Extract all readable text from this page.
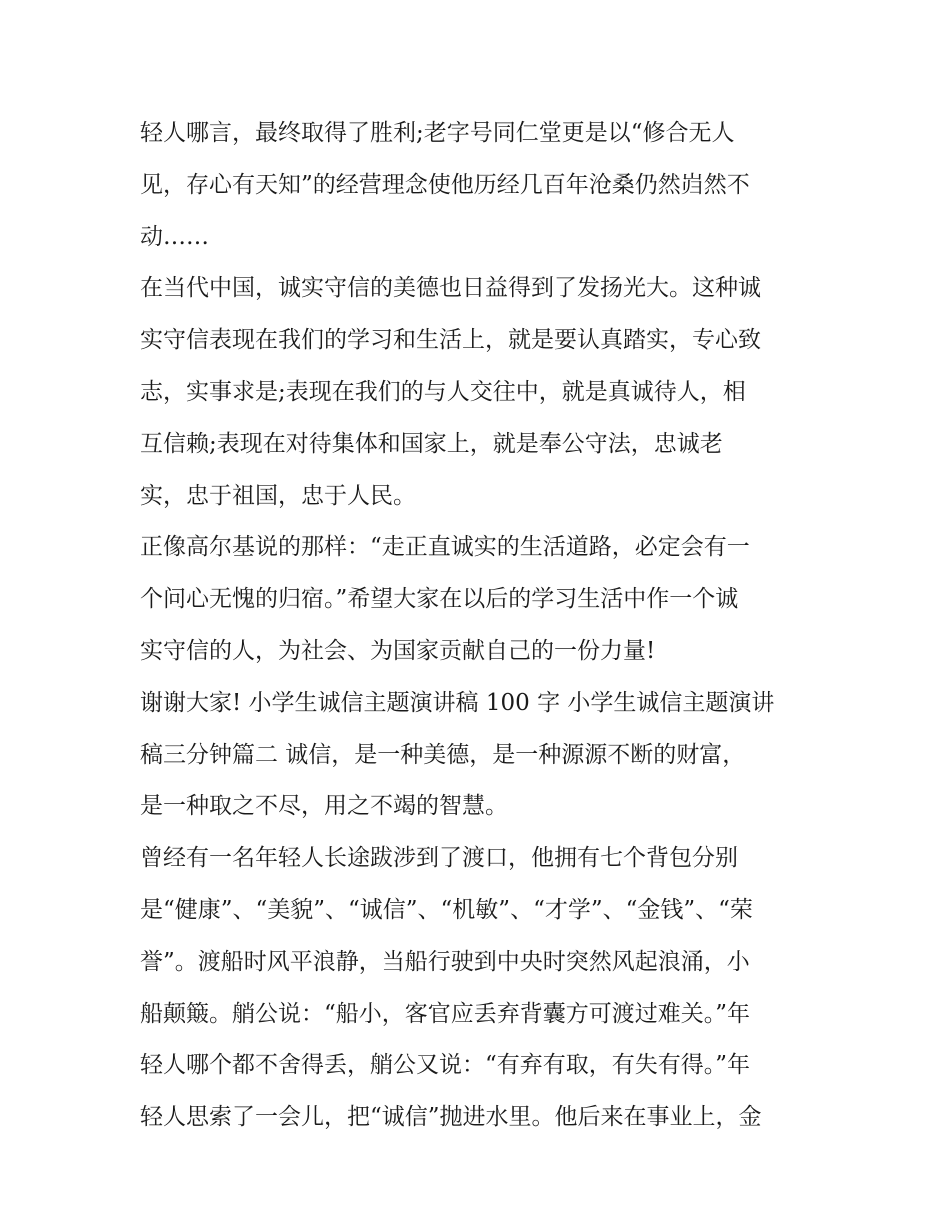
轻人哪言，最终取得了胜利;老字号同仁堂更是以“修合无人
见，存心有天知”的经营理念使他历经几百年沧桑仍然岿然不
动……
在当代中国，诚实守信的美德也日益得到了发扬光大。这种诚
实守信表现在我们的学习和生活上，就是要认真踏实，专心致
志，实事求是;表现在我们的与人交往中，就是真诚待人，相
互信赖;表现在对待集体和国家上，就是奉公守法，忠诚老
实，忠于祖国，忠于人民。
正像高尔基说的那样：“走正直诚实的生活道路，必定会有一
个问心无愧的归宿。”希望大家在以后的学习生活中作一个诚
实守信的人，为社会、为国家贡献自己的一份力量!
谢谢大家! 小学生诚信主题演讲稿 100 字 小学生诚信主题演讲
稿三分钟篇二 诚信，是一种美德，是一种源源不断的财富，
是一种取之不尽，用之不竭的智慧。
曾经有一名年轻人长途跋涉到了渡口，他拥有七个背包分别
是“健康”、“美貌”、“诚信”、“机敏”、“才学”、“金钱”、“荣
誉”。渡船时风平浪静，当船行驶到中央时突然风起浪涌，小
船颠簸。艄公说：“船小，客官应丢弃背囊方可渡过难关。”年
轻人哪个都不舍得丢，艄公又说：“有弃有取，有失有得。”年
轻人思索了一会儿，把“诚信”抛进水里。他后来在事业上，金
